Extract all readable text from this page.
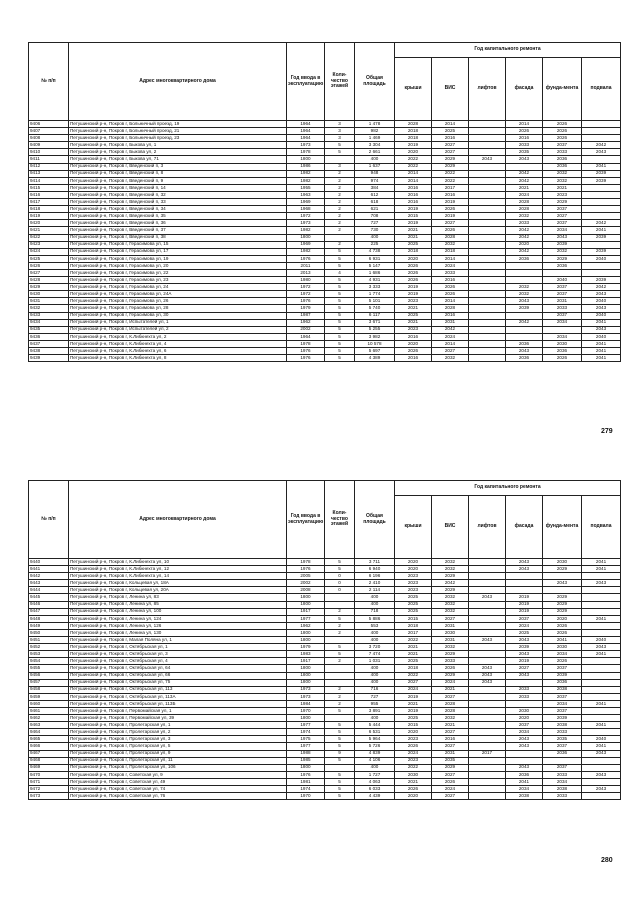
№ п/п	Адрес многоквартирного дома	Год ввода в эксплуатацию	Коли-чество этажей	Общая площадь	Год капитального ремонта					
					крыши	ВИС	лифтов	фасада	фунда-мента	подвала
9406	Петушинский р-н, Покров г, Больничный проезд, 19	1964	3	1 478	2028	2014		2014	2026	
9407	Петушинский р-н, Покров г, Больничный проезд, 21	1964	3	982	2018	2025		2026	2026	
9408	Петушинский р-н, Покров г, Больничный проезд, 23	1964	3	1 469	2018	2016		2016	2026	
9409	Петушинский р-н, Покров г, Быкова ул, 1	1973	5	3 304	2019	2027		2033	2037	2042
9410	Петушинский р-н, Покров г, Быкова ул, 2	1978	5	2 661	2020	2027		2035	2033	2043
9411	Петушинский р-н, Покров г, Быкова ул, 71	1800		400	2022	2029	2043	2043	2036	
9412	Петушинский р-н, Покров г, Введенский п, 3	1986	3	1 637	2022	2029			2036	2041
9413	Петушинский р-н, Покров г, Введенский п, 8	1982	2	948	2014	2022		2042	2032	2039
9414	Петушинский р-н, Покров г, Введенский п, 9	1982	2	974	2014	2022		2042	2032	2039
9415	Петушинский р-н, Покров г, Введенский п, 14	1955	2	384	2016	2017		2021	2021	
9416	Петушинский р-н, Покров г, Введенский п, 32	1963	2	612	2016	2016		2024	2023	
9417	Петушинский р-н, Покров г, Введенский п, 33	1969	2	618	2016	2019		2028	2029	
9418	Петушинский р-н, Покров г, Введенский п, 34	1968	2	621	2019	2026		2028	2037	
9419	Петушинский р-н, Покров г, Введенский п, 35	1972	2	708	2015	2019		2032	2027	
9420	Петушинский р-н, Покров г, Введенский п, 36	1973	2	727	2019	2027		2033	2037	2042
9421	Петушинский р-н, Покров г, Введенский п, 37	1982	2	730	2021	2026		2042	2034	2041
9422	Петушинский р-н, Покров г, Введенский п, 38	1800		400	2021	2028		2042	2043	2039
9423	Петушинский р-н, Покров г, Герасимова ул, 15	1969	2	225	2025	2032		2020	2039	
9424	Петушинский р-н, Покров г, Герасимова ул, 17	1982	5	4 738	2018	2018		2042	2032	2039
9425	Петушинский р-н, Покров г, Герасимова ул, 19	1976	5	6 931	2020	2014		2036	2029	2040
9426	Петушинский р-н, Покров г, Герасимова ул, 20	2011	5	5 147	2026	2024			2036	
9427	Петушинский р-н, Покров г, Герасимова ул, 22	2013	4	1 686	2026	2033				
9428	Петушинский р-н, Покров г, Герасимова ул, 23	1980	5	4 931	2026	2016			2040	2039
9429	Петушинский р-н, Покров г, Герасимова ул, 24	1972	5	3 333	2019	2026		2032	2037	2042
9430	Петушинский р-н, Покров г, Герасимова ул, 24А	1972	5	1 774	2019	2026		2032	2037	2043
9431	Петушинский р-н, Покров г, Герасимова ул, 26	1976	5	5 101	2023	2014		2043	2031	2040
9432	Петушинский р-н, Покров г, Герасимова ул, 28	1979	5	5 740	2021	2028		2039	2033	2043
9433	Петушинский р-н, Покров г, Герасимова ул, 30	1987	5	6 117	2025	2016			2037	2040
9434	Петушинский р-н, Покров г, Испытателей ул, 1	1962	5	3 671	2021	2031		2042	2034	2041
9435	Петушинский р-н, Покров г, Испытателей ул, 2	2002	5	5 255	2023	2042				2043
9436	Петушинский р-н, Покров г, К.Либкнехта ул, 2	1964	5	3 982	2016	2024			2034	2040
9437	Петушинский р-н, Покров г, К.Либкнехта ул, 4	1978	5	10 578	2020	2014		2036	2030	2041
9438	Петушинский р-н, Покров г, К.Либкнехта ул, 6	1976	5	5 697	2026	2027		2043	2036	2041
9439	Петушинский р-н, Покров г, К.Либкнехта ул, 8	1976	5	4 389	2016	2032		2036	2026	2041
279
№ п/п	Адрес многоквартирного дома	Год ввода в эксплуатацию	Коли-чество этажей	Общая площадь	Год капитального ремонта					
					крыши	ВИС	лифтов	фасада	фунда-мента	подвала
9440	Петушинский р-н, Покров г, К.Либкнехта ул, 10	1978	5	3 711	2020	2032		2043	2030	2041
9441	Петушинский р-н, Покров г, К.Либкнехта ул, 12	1976	5	6 940	2020	2032		2043	2029	2041
9442	Петушинский р-н, Покров г, К.Либкнехта ул, 14	2005	0	6 196	2023	2029				
9443	Петушинский р-н, Покров г, Кольцевая ул, 18А	2002	0	2 410	2023	2042			2043	2043
9444	Петушинский р-н, Покров г, Кольцевая ул, 20А	2008	0	2 114	2023	2029				
9445	Петушинский р-н, Покров г, Ленина ул, 83	1800		400	2025	2032	2043	2019	2029	
9446	Петушинский р-н, Покров г, Ленина ул, 85	1800		400	2025	2032		2019	2029	
9447	Петушинский р-н, Покров г, Ленина ул, 100	1917	2	718	2025	2032		2019	2029	
9448	Петушинский р-н, Покров г, Ленина ул, 124	1977	5	5 886	2015	2027		2037	2020	2041
9449	Петушинский р-н, Покров г, Ленина ул, 126	1962	2	553	2018	2031		2024	2026	
9450	Петушинский р-н, Покров г, Ленина ул, 130	1800	2	400	2017	2030		2025	2026	
9451	Петушинский р-н, Покров г, Малая Поляна ул, 1	1800		400	2022	2031	2043	2043	2041	2040
9452	Петушинский р-н, Покров г, Октябрьская ул, 1	1979	5	3 720	2021	2032		2039	2030	2043
9453	Петушинский р-н, Покров г, Октябрьская ул, 3	1983	5	7 474	2021	2029		2043	2034	2041
9454	Петушинский р-н, Покров г, Октябрьская ул, 4	1917	2	1 031	2025	2033		2019	2026	
9455	Петушинский р-н, Покров г, Октябрьская ул, 64	1800		400	2018	2026	2043	2027	2037	
9456	Петушинский р-н, Покров г, Октябрьская ул, 66	1800		400	2022	2029	2043	2043	2039	
9457	Петушинский р-н, Покров г, Октябрьская ул, 75	1800		400	2027	2024	2043		2036	
9458	Петушинский р-н, Покров г, Октябрьская ул, 113	1973	2	716	2024	2021		2033	2038	
9459	Петушинский р-н, Покров г, Октябрьская ул, 113А	1973	2	727	2019	2027		2033	2037	
9460	Петушинский р-н, Покров г, Октябрьская ул, 113Б	1984	2	955	2021	2028			2034	2041
9461	Петушинский р-н, Покров г, Первомайская ул, 1	1970	5	3 891	2019	2028		2030	2037	
9462	Петушинский р-н, Покров г, Первомайская ул, 39	1800		400	2025	2032		2020	2039	
9463	Петушинский р-н, Покров г, Пролетарская ул, 1	1977	5	5 444	2015	2021		2037	2038	2041
9464	Петушинский р-н, Покров г, Пролетарская ул, 2	1974	5	6 531	2020	2027		2034	2033	
9465	Петушинский р-н, Покров г, Пролетарская ул, 3	1975	5	5 964	2023	2016		2043	2035	2040
9466	Петушинский р-н, Покров г, Пролетарская ул, 5	1977	5	5 726	2026	2027		2043	2037	2041
9467	Петушинский р-н, Покров г, Пролетарская ул, 9	1988	9	4 839	2024	2031	2017		2036	2043
9468	Петушинский р-н, Покров г, Пролетарская ул, 11	1985	5	4 106	2023	2035				
9469	Петушинский р-н, Покров г, Пролетарская ул, 106	1800		400	2022	2029		2043	2037	
9470	Петушинский р-н, Покров г, Советская ул, 9	1976	5	1 727	2030	2027		2036	2033	2043
9471	Петушинский р-н, Покров г, Советская ул, 49	1981	5	4 063	2021	2026		2041	2034	
9472	Петушинский р-н, Покров г, Советская ул, 74	1974	5	6 033	2026	2024		2034	2038	2043
9473	Петушинский р-н, Покров г, Советская ул, 76	1970	5	4 439	2020	2027		2038	2033	
280
